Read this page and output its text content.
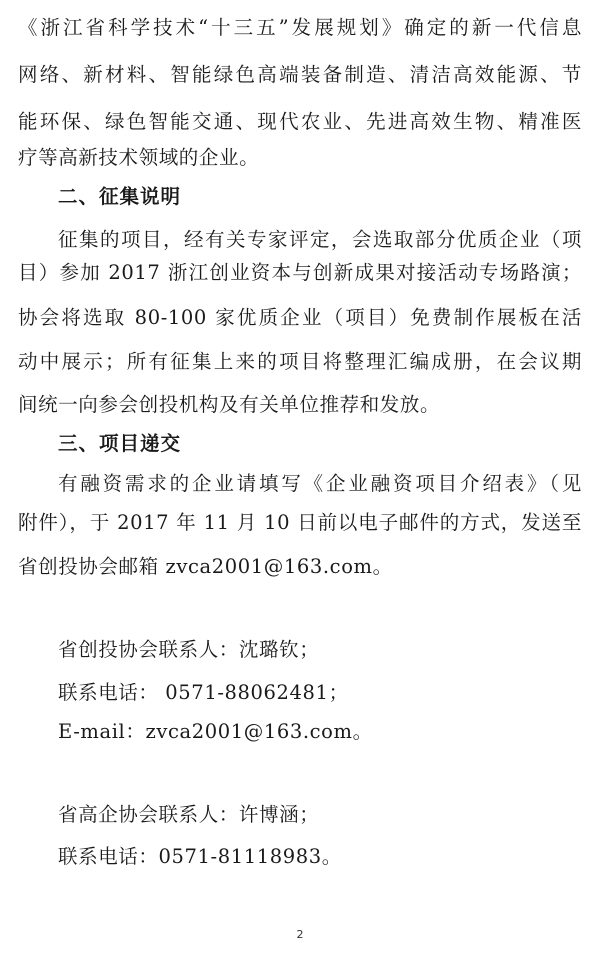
《浙江省科学技术“十三五”发展规划》确定的新一代信息
网络、新材料、智能绿色高端装备制造、清洁高效能源、节
能环保、绿色智能交通、现代农业、先进高效生物、精准医
疗等高新技术领域的企业。
二、征集说明
征集的项目，经有关专家评定，会选取部分优质企业（项
目）参加 2017 浙江创业资本与创新成果对接活动专场路演；
协会将选取 80-100 家优质企业（项目）免费制作展板在活
动中展示；所有征集上来的项目将整理汇编成册，在会议期
间统一向参会创投机构及有关单位推荐和发放。
三、项目递交
有融资需求的企业请填写《企业融资项目介绍表》（见
附件），于 2017 年 11 月 10 日前以电子邮件的方式，发送至
省创投协会邮箱 zvca2001@163.com。
省创投协会联系人：沈璐钦；
联系电话： 0571-88062481；
E-mail：zvca2001@163.com。
省高企协会联系人：许博涵；
联系电话：0571-81118983。
2
